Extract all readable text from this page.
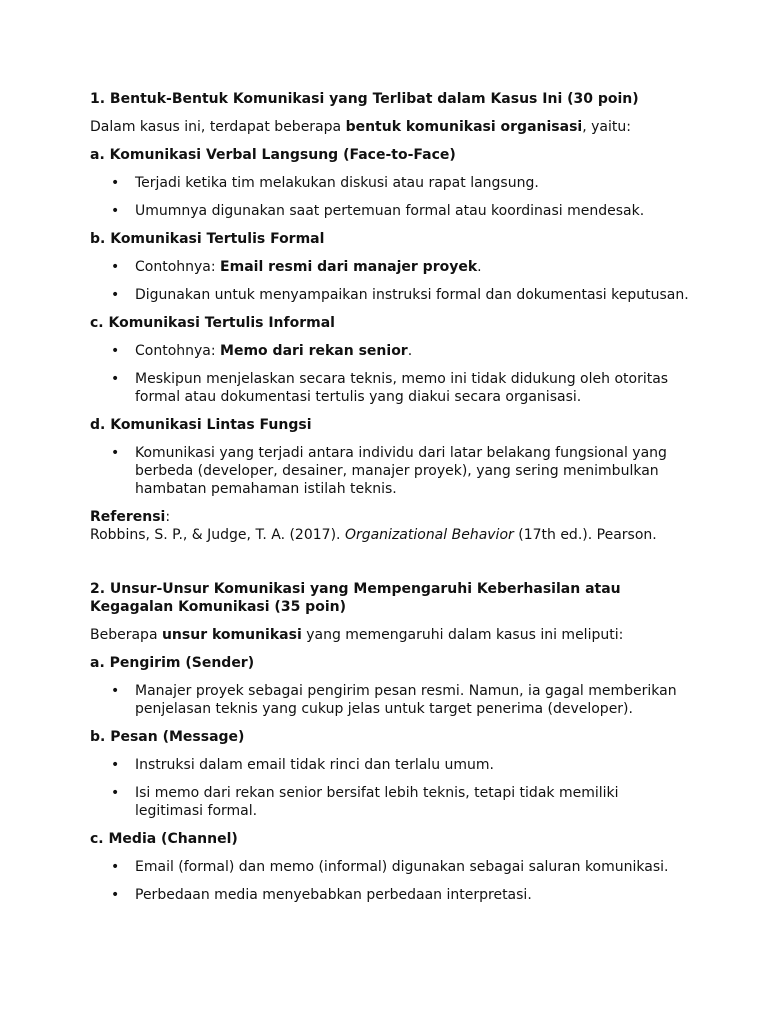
1. Bentuk-Bentuk Komunikasi yang Terlibat dalam Kasus Ini (30 poin)
Dalam kasus ini, terdapat beberapa bentuk komunikasi organisasi, yaitu:
a. Komunikasi Verbal Langsung (Face-to-Face)
• Terjadi ketika tim melakukan diskusi atau rapat langsung.
• Umumnya digunakan saat pertemuan formal atau koordinasi mendesak.
b. Komunikasi Tertulis Formal
• Contohnya: Email resmi dari manajer proyek.
• Digunakan untuk menyampaikan instruksi formal dan dokumentasi keputusan.
c. Komunikasi Tertulis Informal
• Contohnya: Memo dari rekan senior.
• Meskipun menjelaskan secara teknis, memo ini tidak didukung oleh otoritas formal atau dokumentasi tertulis yang diakui secara organisasi.
d. Komunikasi Lintas Fungsi
• Komunikasi yang terjadi antara individu dari latar belakang fungsional yang berbeda (developer, desainer, manajer proyek), yang sering menimbulkan hambatan pemahaman istilah teknis.
Referensi:
Robbins, S. P., & Judge, T. A. (2017). Organizational Behavior (17th ed.). Pearson.
2. Unsur-Unsur Komunikasi yang Mempengaruhi Keberhasilan atau Kegagalan Komunikasi (35 poin)
Beberapa unsur komunikasi yang memengaruhi dalam kasus ini meliputi:
a. Pengirim (Sender)
• Manajer proyek sebagai pengirim pesan resmi. Namun, ia gagal memberikan penjelasan teknis yang cukup jelas untuk target penerima (developer).
b. Pesan (Message)
• Instruksi dalam email tidak rinci dan terlalu umum.
• Isi memo dari rekan senior bersifat lebih teknis, tetapi tidak memiliki legitimasi formal.
c. Media (Channel)
• Email (formal) dan memo (informal) digunakan sebagai saluran komunikasi.
• Perbedaan media menyebabkan perbedaan interpretasi.
